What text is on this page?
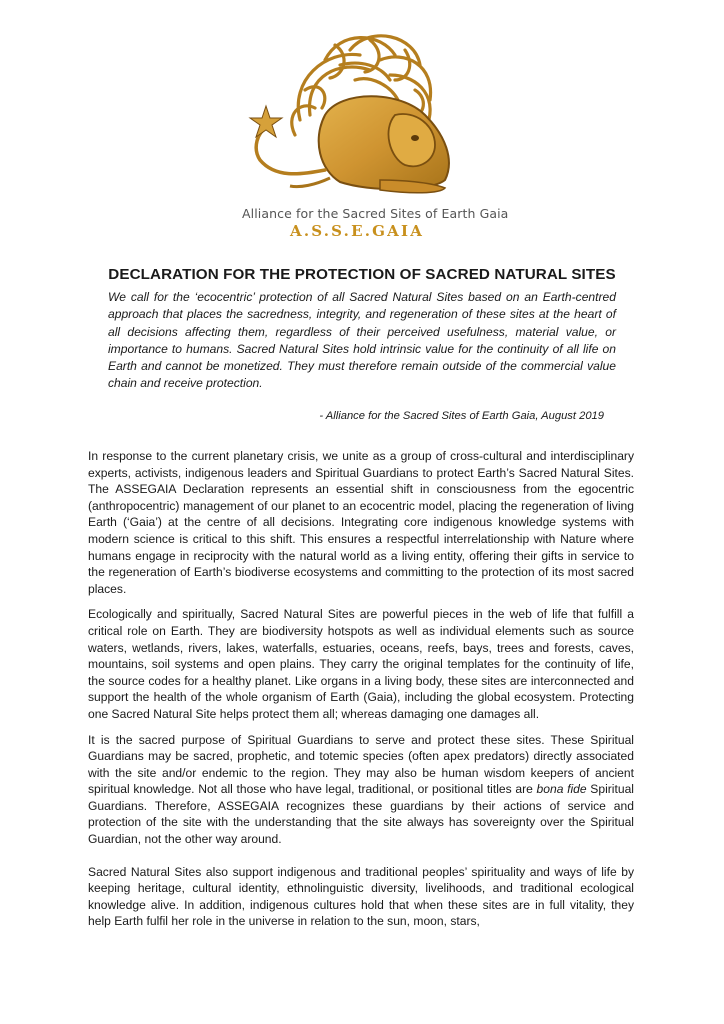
Alliance for the Sacred Sites of Earth Gaia
A.S.S.E.GAIA
DECLARATION FOR THE PROTECTION OF SACRED NATURAL SITES
We call for the ‘ecocentric’ protection of all Sacred Natural Sites based on an Earth-centred approach that places the sacredness, integrity, and regeneration of these sites at the heart of all decisions affecting them, regardless of their perceived usefulness, material value, or importance to humans. Sacred Natural Sites hold intrinsic value for the continuity of all life on Earth and cannot be monetized. They must therefore remain outside of the commercial value chain and receive protection.
- Alliance for the Sacred Sites of Earth Gaia, August 2019

In response to the current planetary crisis, we unite as a group of cross-cultural and interdisciplinary experts, activists, indigenous leaders and Spiritual Guardians to protect Earth’s Sacred Natural Sites. The ASSEGAIA Declaration represents an essential shift in consciousness from the egocentric (anthropocentric) management of our planet to an ecocentric model, placing the regeneration of living Earth (‘Gaia’) at the centre of all decisions. Integrating core indigenous knowledge systems with modern science is critical to this shift. This ensures a respectful interrelationship with Nature where humans engage in reciprocity with the natural world as a living entity, offering their gifts in service to the regeneration of Earth’s biodiverse ecosystems and committing to the protection of its most sacred places.

Ecologically and spiritually, Sacred Natural Sites are powerful pieces in the web of life that fulfill a critical role on Earth. They are biodiversity hotspots as well as individual elements such as source waters, wetlands, rivers, lakes, waterfalls, estuaries, oceans, reefs, bays, trees and forests, caves, mountains, soil systems and open plains. They carry the original templates for the continuity of life, the source codes for a healthy planet. Like organs in a living body, these sites are interconnected and support the health of the whole organism of Earth (Gaia), including the global ecosystem. Protecting one Sacred Natural Site helps protect them all; whereas damaging one damages all.

It is the sacred purpose of Spiritual Guardians to serve and protect these sites. These Spiritual Guardians may be sacred, prophetic, and totemic species (often apex predators) directly associated with the site and/or endemic to the region. They may also be human wisdom keepers of ancient spiritual knowledge. Not all those who have legal, traditional, or positional titles are bona fide Spiritual Guardians. Therefore, ASSEGAIA recognizes these guardians by their actions of service and protection of the site with the understanding that the site always has sovereignty over the Spiritual Guardian, not the other way around.

Sacred Natural Sites also support indigenous and traditional peoples’ spirituality and ways of life by keeping heritage, cultural identity, ethnolinguistic diversity, livelihoods, and traditional ecological knowledge alive. In addition, indigenous cultures hold that when these sites are in full vitality, they help Earth fulfil her role in the universe in relation to the sun, moon, stars,
